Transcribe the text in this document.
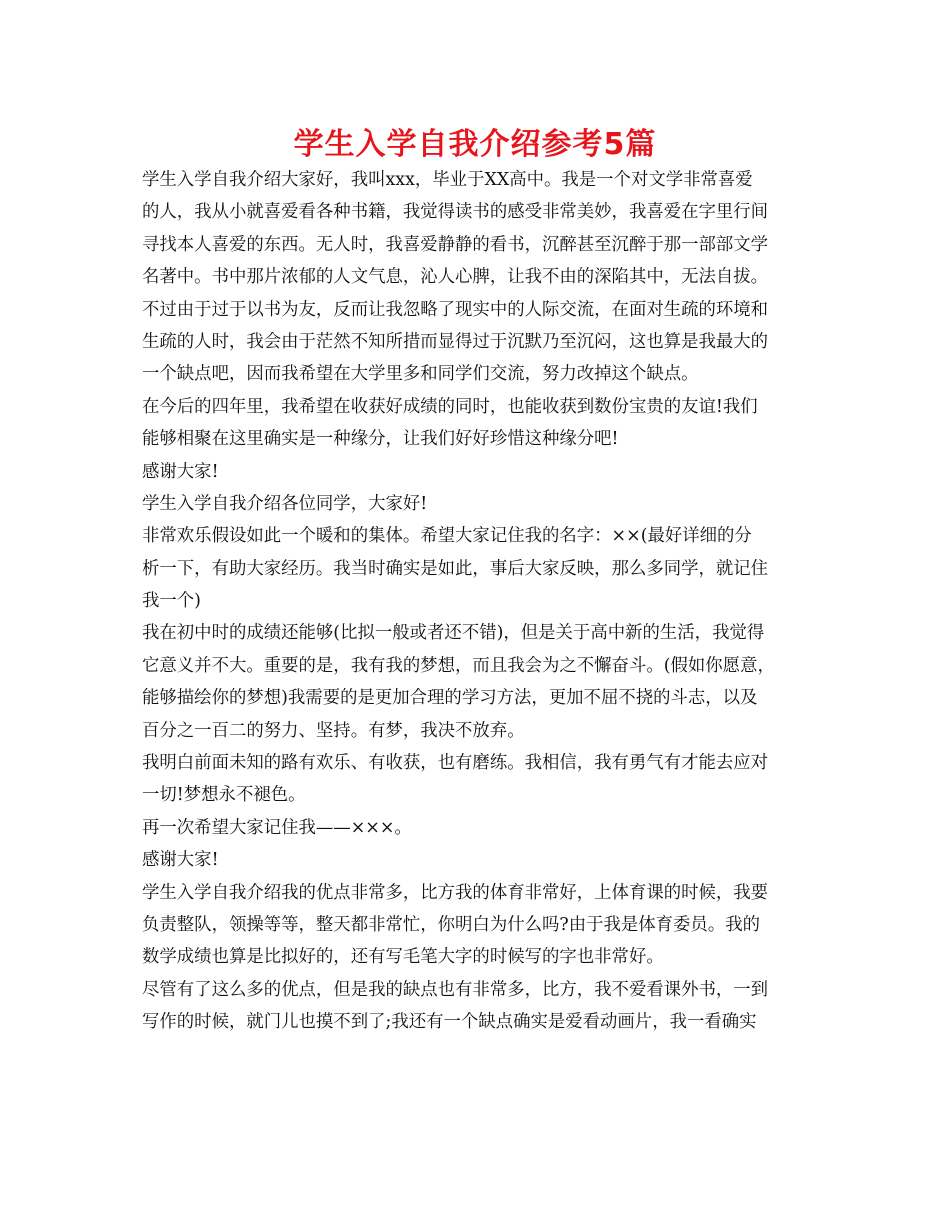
学生入学自我介绍参考5篇

学生入学自我介绍大家好，我叫xxx，毕业于XX高中。我是一个对文学非常喜爱
的人，我从小就喜爱看各种书籍，我觉得读书的感受非常美妙，我喜爱在字里行间
寻找本人喜爱的东西。无人时，我喜爱静静的看书，沉醉甚至沉醉于那一部部文学
名著中。书中那片浓郁的人文气息，沁人心脾，让我不由的深陷其中，无法自拔。
不过由于过于以书为友，反而让我忽略了现实中的人际交流，在面对生疏的环境和
生疏的人时，我会由于茫然不知所措而显得过于沉默乃至沉闷，这也算是我最大的
一个缺点吧，因而我希望在大学里多和同学们交流，努力改掉这个缺点。

在今后的四年里，我希望在收获好成绩的同时，也能收获到数份宝贵的友谊!我们
能够相聚在这里确实是一种缘分，让我们好好珍惜这种缘分吧!

感谢大家!

学生入学自我介绍各位同学，大家好!

非常欢乐假设如此一个暖和的集体。希望大家记住我的名字：××(最好详细的分
析一下，有助大家经历。我当时确实是如此，事后大家反映，那么多同学，就记住
我一个)

我在初中时的成绩还能够(比拟一般或者还不错)，但是关于高中新的生活，我觉得
它意义并不大。重要的是，我有我的梦想，而且我会为之不懈奋斗。(假如你愿意，
能够描绘你的梦想)我需要的是更加合理的学习方法，更加不屈不挠的斗志，以及
百分之一百二的努力、坚持。有梦，我决不放弃。

我明白前面未知的路有欢乐、有收获，也有磨练。我相信，我有勇气有才能去应对
一切!梦想永不褪色。

再一次希望大家记住我——×××。

感谢大家!

学生入学自我介绍我的优点非常多，比方我的体育非常好，上体育课的时候，我要
负责整队，领操等等，整天都非常忙，你明白为什么吗?由于我是体育委员。我的
数学成绩也算是比拟好的，还有写毛笔大字的时候写的字也非常好。

尽管有了这么多的优点，但是我的缺点也有非常多，比方，我不爱看课外书，一到
写作的时候，就门儿也摸不到了;我还有一个缺点确实是爱看动画片，我一看确实
